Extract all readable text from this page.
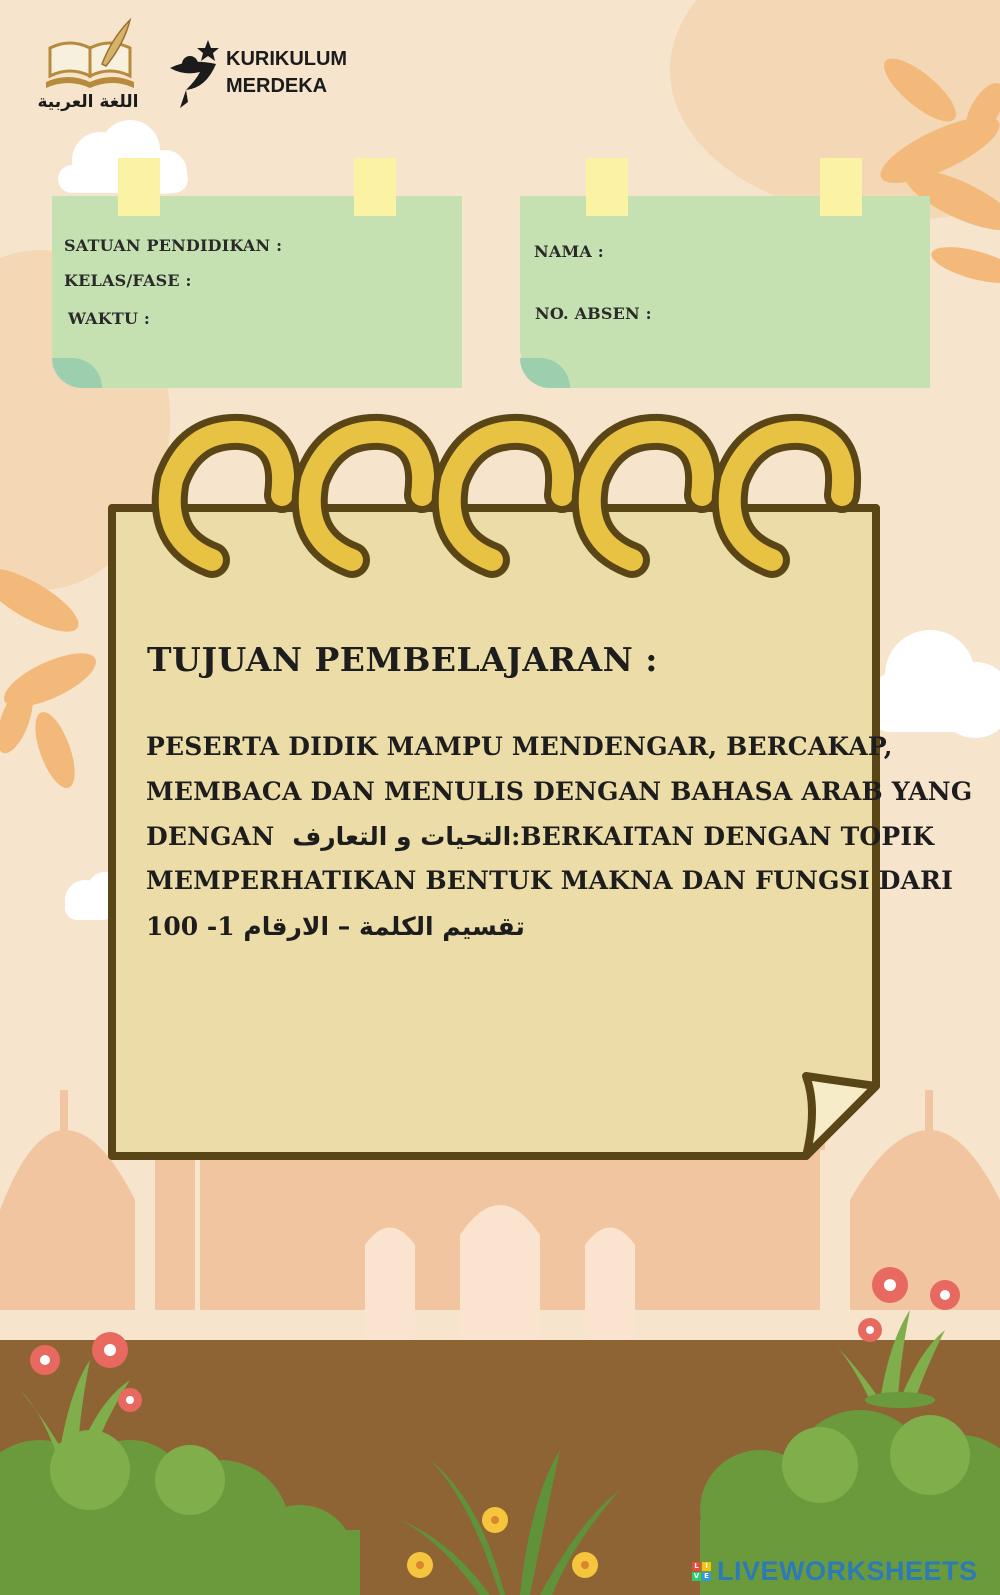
اللغة العربية
KURIKULUM
MERDEKA
SATUAN PENDIDIKAN :
KELAS/FASE :
WAKTU :
NAMA :
NO. ABSEN :
TUJUAN PEMBELAJARAN :
PESERTA DIDIK MAMPU MENDENGAR, BERCAKAP,
MEMBACA DAN MENULIS DENGAN BAHASA ARAB YANG
DENGAN التحيات و التعارف:BERKAITAN DENGAN TOPIK
MEMPERHATIKAN BENTUK MAKNA DAN FUNGSI DARI
100 -1 تقسيم الكلمة – الارقام
L I
V E LIVEWORKSHEETS
